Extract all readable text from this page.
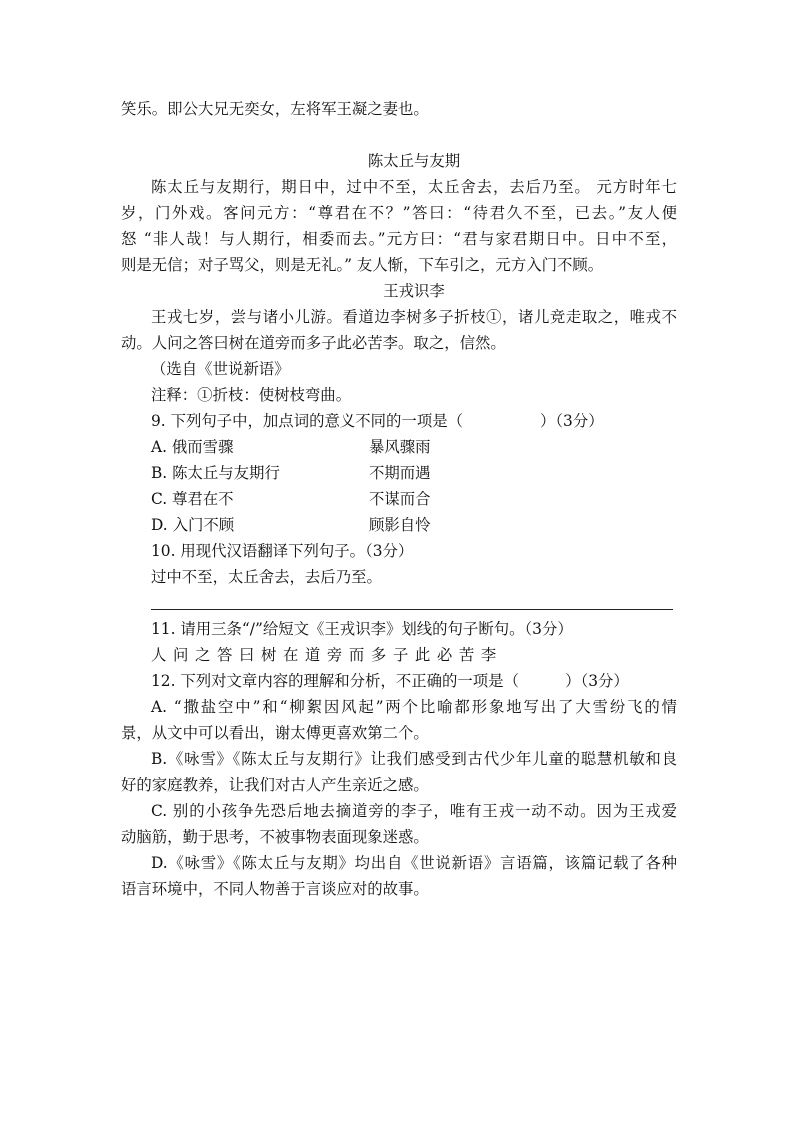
笑乐。即公大兄无奕女，左将军王凝之妻也。
陈太丘与友期
陈太丘与友期行，期日中，过中不至，太丘舍去，去后乃至。 元方时年七
岁，门外戏。客问元方：“尊君在不？”答曰：“待君久不至，已去。”友人便
怒 “非人哉！与人期行，相委而去。”元方曰：“君与家君期日中。日中不至，
则是无信；对子骂父，则是无礼。” 友人惭，下车引之，元方入门不顾。
王戎识李
王戎七岁，尝与诸小儿游。看道边李树多子折枝①，诸儿竞走取之，唯戎不
动。人问之答曰树在道旁而多子此必苦李。取之，信然。
（选自《世说新语》
注释：①折枝：使树枝弯曲。
9. 下列句子中，加点词的意义不同的一项是（　　　　　）（3分）
A. 俄而雪骤	暴风骤雨
B. 陈太丘与友期行	不期而遇
C. 尊君在不	不谋而合
D. 入门不顾	顾影自怜
10. 用现代汉语翻译下列句子。（3分）
过中不至，太丘舍去，去后乃至。
11. 请用三条“/”给短文《王戎识李》划线的句子断句。（3分）
人问之答曰树在道旁而多子此必苦李
12. 下列对文章内容的理解和分析，不正确的一项是（　　　）（3分）
A. “撒盐空中”和“柳絮因风起”两个比喻都形象地写出了大雪纷飞的情
景，从文中可以看出，谢太傅更喜欢第二个。
B.《咏雪》《陈太丘与友期行》让我们感受到古代少年儿童的聪慧机敏和良
好的家庭教养，让我们对古人产生亲近之感。
C. 别的小孩争先恐后地去摘道旁的李子，唯有王戎一动不动。因为王戎爱
动脑筋，勤于思考，不被事物表面现象迷惑。
D.《咏雪》《陈太丘与友期》均出自《世说新语》言语篇，该篇记载了各种
语言环境中，不同人物善于言谈应对的故事。
